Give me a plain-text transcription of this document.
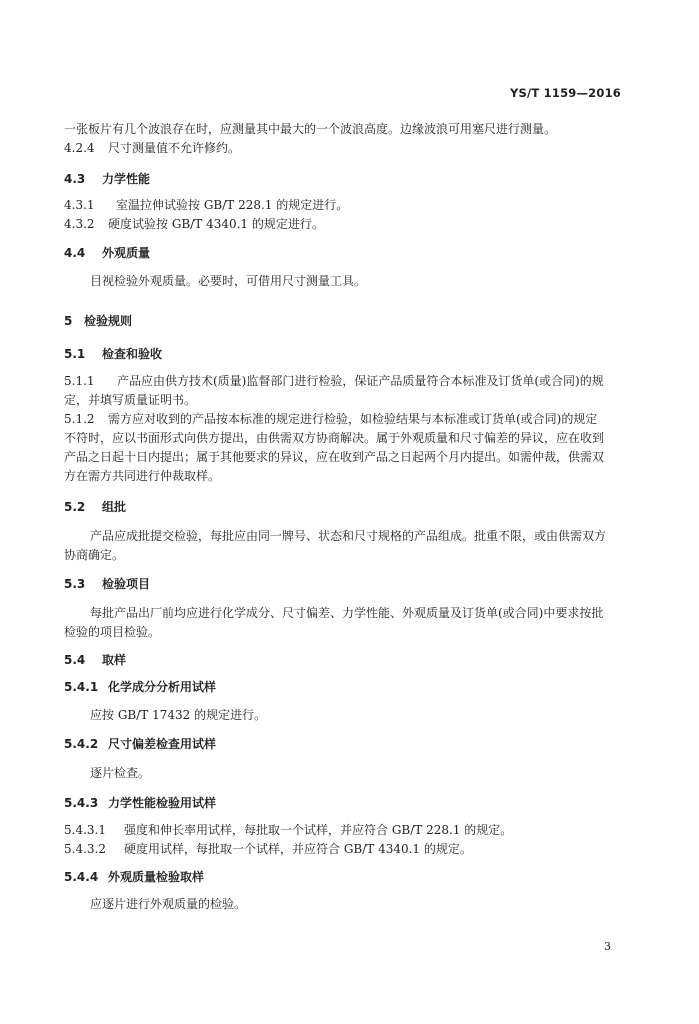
YS/T 1159—2016
一张板片有几个波浪存在时，应测量其中最大的一个波浪高度。边缘波浪可用塞尺进行测量。
4.2.4 尺寸测量值不允许修约。
4.3 力学性能
4.3.1 室温拉伸试验按 GB/T 228.1 的规定进行。
4.3.2 硬度试验按 GB/T 4340.1 的规定进行。
4.4 外观质量
目视检验外观质量。必要时，可借用尺寸测量工具。
5 检验规则
5.1 检查和验收
5.1.1 产品应由供方技术(质量)监督部门进行检验，保证产品质量符合本标准及订货单(或合同)的规
定，并填写质量证明书。
5.1.2 需方应对收到的产品按本标准的规定进行检验，如检验结果与本标准或订货单(或合同)的规定
不符时，应以书面形式向供方提出，由供需双方协商解决。属于外观质量和尺寸偏差的异议，应在收到
产品之日起十日内提出；属于其他要求的异议，应在收到产品之日起两个月内提出。如需仲裁，供需双
方在需方共同进行仲裁取样。
5.2 组批
产品应成批提交检验，每批应由同一牌号、状态和尺寸规格的产品组成。批重不限，或由供需双方
协商确定。
5.3 检验项目
每批产品出厂前均应进行化学成分、尺寸偏差、力学性能、外观质量及订货单(或合同)中要求按批
检验的项目检验。
5.4 取样
5.4.1 化学成分分析用试样
应按 GB/T 17432 的规定进行。
5.4.2 尺寸偏差检查用试样
逐片检查。
5.4.3 力学性能检验用试样
5.4.3.1 强度和伸长率用试样，每批取一个试样，并应符合 GB/T 228.1 的规定。
5.4.3.2 硬度用试样，每批取一个试样，并应符合 GB/T 4340.1 的规定。
5.4.4 外观质量检验取样
应逐片进行外观质量的检验。
3
